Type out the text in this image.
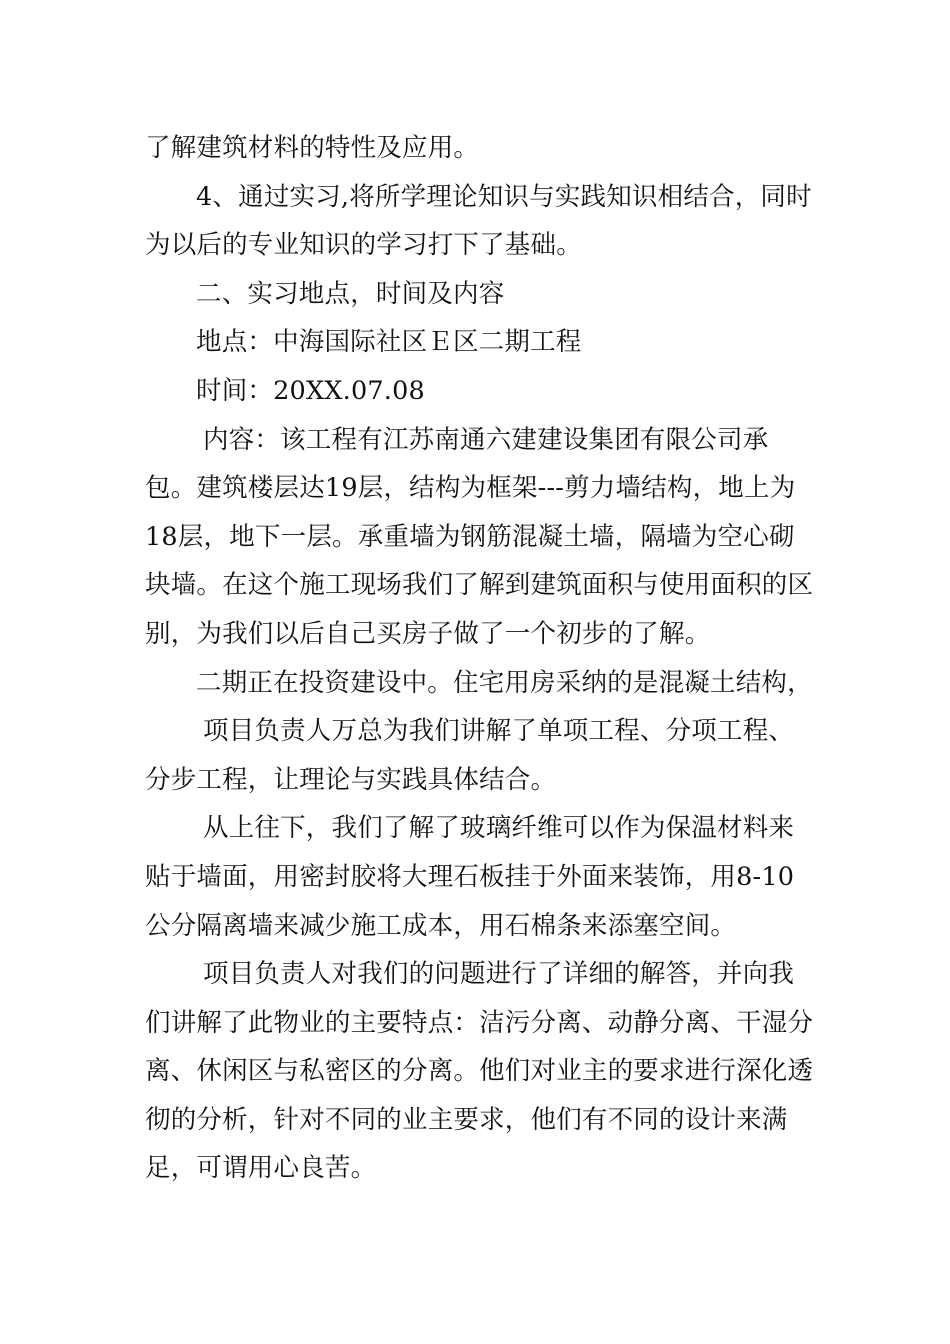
了解建筑材料的特性及应用。

4、通过实习,将所学理论知识与实践知识相结合，同时为以后的专业知识的学习打下了基础。

二、实习地点，时间及内容

地点：中海国际社区Ｅ区二期工程

时间：20XX.07.08

内容：该工程有江苏南通六建建设集团有限公司承包。建筑楼层达19层，结构为框架---剪力墙结构，地上为18层，地下一层。承重墙为钢筋混凝土墙，隔墙为空心砌块墙。在这个施工现场我们了解到建筑面积与使用面积的区别，为我们以后自己买房子做了一个初步的了解。

二期正在投资建设中。住宅用房采纳的是混凝土结构，

项目负责人万总为我们讲解了单项工程、分项工程、分步工程，让理论与实践具体结合。

从上往下，我们了解了玻璃纤维可以作为保温材料来贴于墙面，用密封胶将大理石板挂于外面来装饰，用8-10公分隔离墙来减少施工成本，用石棉条来添塞空间。

项目负责人对我们的问题进行了详细的解答，并向我们讲解了此物业的主要特点：洁污分离、动静分离、干湿分离、休闲区与私密区的分离。他们对业主的要求进行深化透彻的分析，针对不同的业主要求，他们有不同的设计来满足，可谓用心良苦。
